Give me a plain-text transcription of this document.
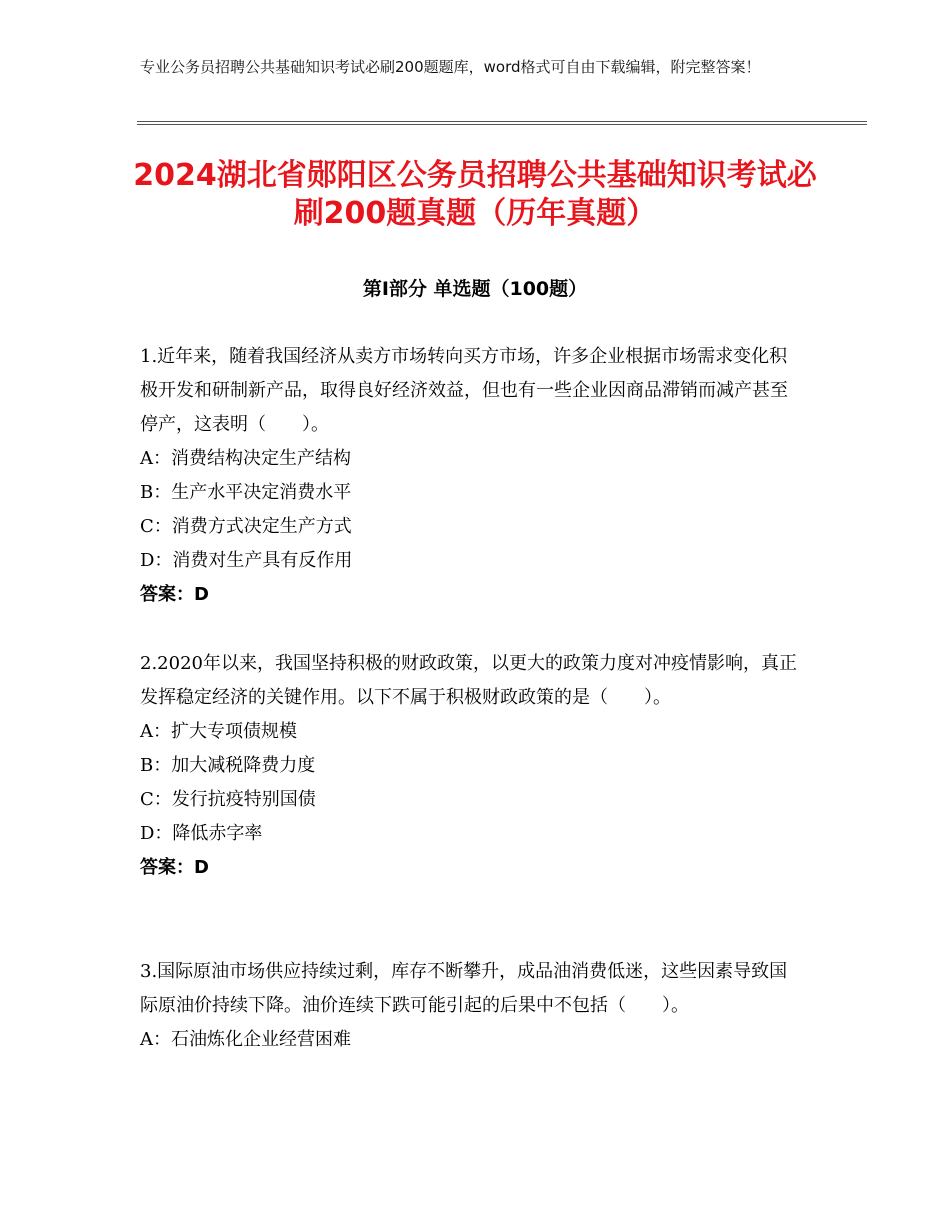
专业公务员招聘公共基础知识考试必刷200题题库，word格式可自由下载编辑，附完整答案！
2024湖北省郧阳区公务员招聘公共基础知识考试必刷200题真题（历年真题）
第Ⅰ部分 单选题（100题）

1.近年来，随着我国经济从卖方市场转向买方市场，许多企业根据市场需求变化积极开发和研制新产品，取得良好经济效益，但也有一些企业因商品滞销而减产甚至停产，这表明（　　）。

A：消费结构决定生产结构

B：生产水平决定消费水平

C：消费方式决定生产方式

D：消费对生产具有反作用

答案：D

2.2020年以来，我国坚持积极的财政政策，以更大的政策力度对冲疫情影响，真正发挥稳定经济的关键作用。以下不属于积极财政政策的是（　　）。

A：扩大专项债规模

B：加大减税降费力度

C：发行抗疫特别国债

D：降低赤字率

答案：D

3.国际原油市场供应持续过剩，库存不断攀升，成品油消费低迷，这些因素导致国际原油价持续下降。油价连续下跌可能引起的后果中不包括（　　）。

A：石油炼化企业经营困难
